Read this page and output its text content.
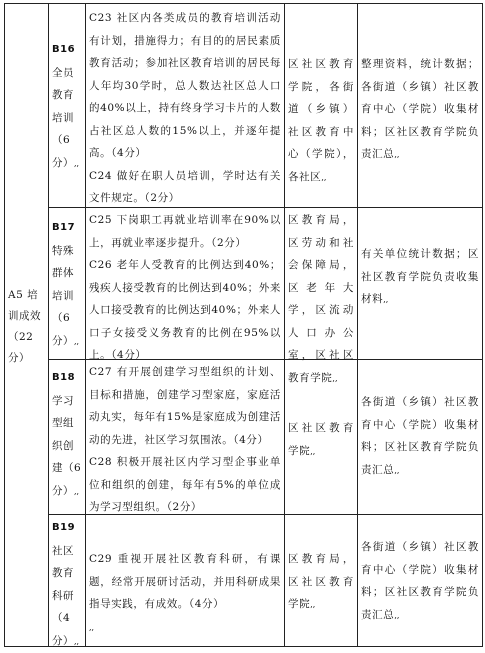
A5 培训成效（22分）
B16
全员教育培训（6分）,,
C23 社区内各类成员的教育培训活动有计划，措施得力；有目的的居民素质教育活动；参加社区教育培训的居民每人年均30学时，总人数达社区总人口的40%以上，持有终身学习卡片的人数占社区总人数的15%以上，并逐年提高。（4分）
C24 做好在职人员培训，学时达有关文件规定。（2分）
区社区教育学院，各街道（乡镇）社区教育中心（学院），各社区,,
整理资料，统计数据；各街道（乡镇）社区教育中心（学院）收集材料；区社区教育学院负责汇总,,
B17
特殊群体培训（6分）,,
C25 下岗职工再就业培训率在90%以上，再就业率逐步提升。（2分）
C26 老年人受教育的比例达到40%；残疾人接受教育的比例达到40%；外来人口接受教育的比例达到40%；外来人口子女接受义务教育的比例在95%以上。（4分）
区教育局，区劳动和社会保障局，区老年大学，区流动人口办公室，区社区教育学院,,
有关单位统计数据；区社区教育学院负责收集材料,,
B18
学习型组织创建（6分）,,
C27 有开展创建学习型组织的计划、目标和措施，创建学习型家庭，家庭活动丸实，每年有15%是家庭成为创建活动的先进，社区学习氛围浓。（4分）
C28 积极开展社区内学习型企事业单位和组织的创建，每年有5%的单位成为学习型组织。（2分）
区社区教育学院,,
各街道（乡镇）社区教育中心（学院）收集材料；区社区教育学院负责汇总,,
B19
社区教育科研（4分）,,
C29 重视开展社区教育科研，有课题，经常开展研讨活动，并用科研成果指导实践，有成效。（4分）
,,
区教育局，区社区教育学院,,
各街道（乡镇）社区教育中心（学院）收集材料；区社区教育学院负责汇总,,
